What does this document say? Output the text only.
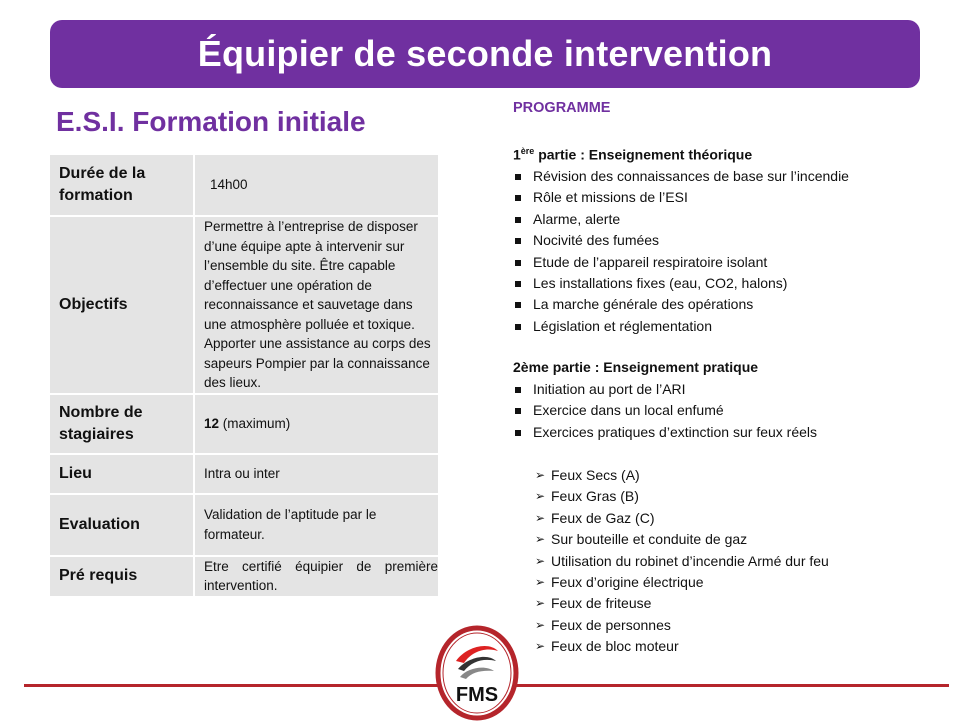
Équipier de seconde intervention
E.S.I. Formation initiale
Durée de la formation	14h00
Objectifs	Permettre à l’entreprise de disposer d’une équipe apte à intervenir sur l’ensemble du site. Être capable d’effectuer une opération de reconnaissance et sauvetage dans une atmosphère polluée et toxique. Apporter une assistance au corps des sapeurs Pompier par la connaissance des lieux.
Nombre de stagiaires	12 (maximum)
Lieu	Intra ou inter
Evaluation	Validation de l’aptitude par le formateur.
Pré requis	Etre certifié équipier de première intervention.

PROGRAMME

1ère partie : Enseignement théorique

Révision des connaissances de base sur l’incendie
Rôle et missions de l’ESI
Alarme, alerte
Nocivité des fumées
Etude de l’appareil respiratoire isolant
Les installations fixes (eau, CO2, halons)
La marche générale des opérations
Législation et réglementation

2ème partie : Enseignement pratique

Initiation au port de l’ARI
Exercice dans un local enfumé
Exercices pratiques d’extinction sur feux réels
➢ Feux Secs (A)
➢ Feux Gras (B)
➢ Feux de Gaz (C)
➢ Sur bouteille et conduite de gaz
➢ Utilisation du robinet d’incendie Armé dur feu
➢ Feux d’origine électrique
➢ Feux de friteuse
➢ Feux de personnes
➢ Feux de bloc moteur
FMS
